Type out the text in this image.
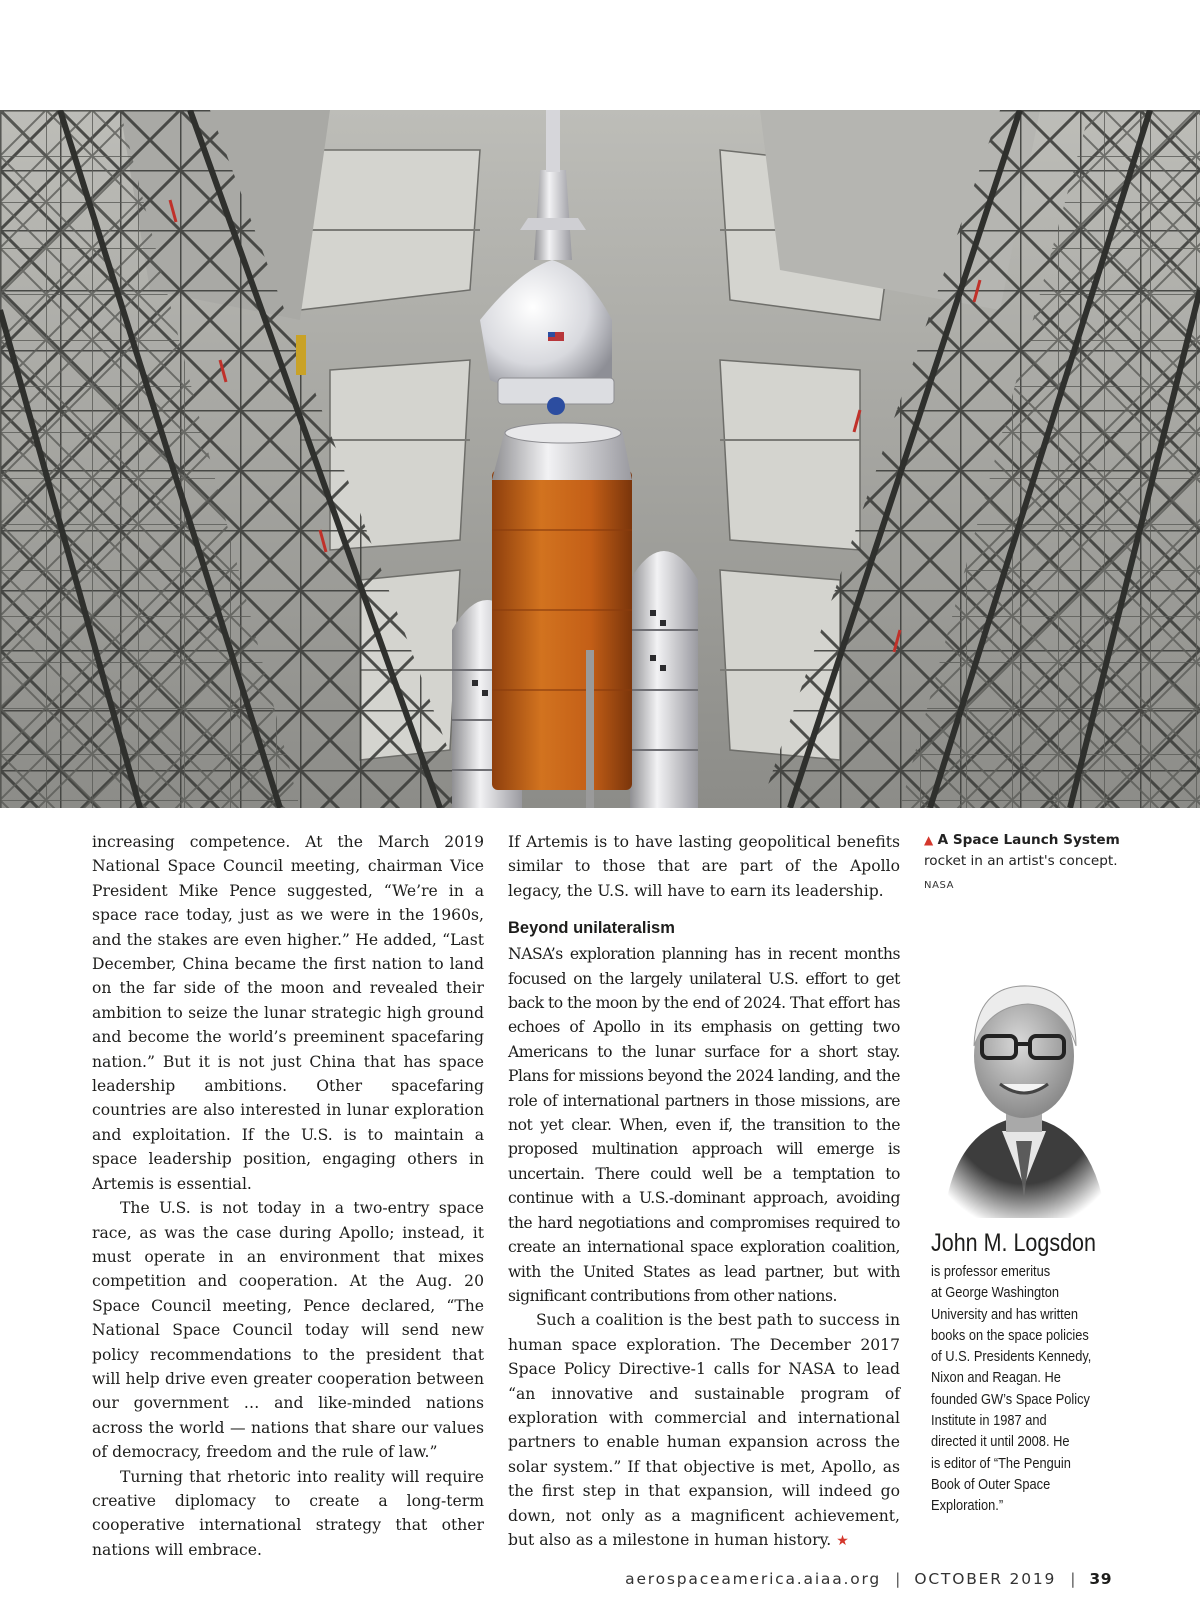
increasing competence. At the March 2019 National Space Council meeting, chairman Vice President Mike Pence suggested, “We’re in a space race today, just as we were in the 1960s, and the stakes are even higher.” He added, “Last December, China became the first nation to land on the far side of the moon and revealed their ambition to seize the lunar strategic high ground and become the world’s preeminent spacefaring nation.” But it is not just China that has space leadership ambitions. Other spacefaring countries are also interested in lunar exploration and exploitation. If the U.S. is to maintain a space leadership position, engaging others in Artemis is essential.

The U.S. is not today in a two-entry space race, as was the case during Apollo; instead, it must operate in an environment that mixes competition and cooperation. At the Aug. 20 Space Council meeting, Pence declared, “The National Space Council today will send new policy recommendations to the president that will help drive even greater cooperation between our government … and like-minded nations across the world — nations that share our values of democracy, freedom and the rule of law.”

Turning that rhetoric into reality will require creative diplomacy to create a long-term cooperative international strategy that other nations will embrace.

If Artemis is to have lasting geopolitical benefits similar to those that are part of the Apollo legacy, the U.S. will have to earn its leadership.

Beyond unilateralism

NASA’s exploration planning has in recent months focused on the largely unilateral U.S. effort to get back to the moon by the end of 2024. That effort has echoes of Apollo in its emphasis on getting two Americans to the lunar surface for a short stay. Plans for missions beyond the 2024 landing, and the role of international partners in those missions, are not yet clear. When, even if, the transition to the proposed multination approach will emerge is uncertain. There could well be a temptation to continue with a U.S.-dominant approach, avoiding the hard negotiations and compromises required to create an international space exploration coalition, with the United States as lead partner, but with significant contributions from other nations.

Such a coalition is the best path to success in human space exploration. The December 2017 Space Policy Directive-1 calls for NASA to lead “an innovative and sustainable program of exploration with commercial and international partners to enable human expansion across the solar system.” If that objective is met, Apollo, as the first step in that expansion, will indeed go down, not only as a magnificent achievement, but also as a milestone in human history. ★

▲ A Space Launch System rocket in an artist's concept.
NASA
John M. Logsdon
is professor emeritus
at George Washington
University and has written
books on the space policies
of U.S. Presidents Kennedy,
Nixon and Reagan. He
founded GW’s Space Policy
Institute in 1987 and
directed it until 2008. He
is editor of “The Penguin
Book of Outer Space
Exploration.”
aerospaceamerica.aiaa.org | OCTOBER 2019 | 39
